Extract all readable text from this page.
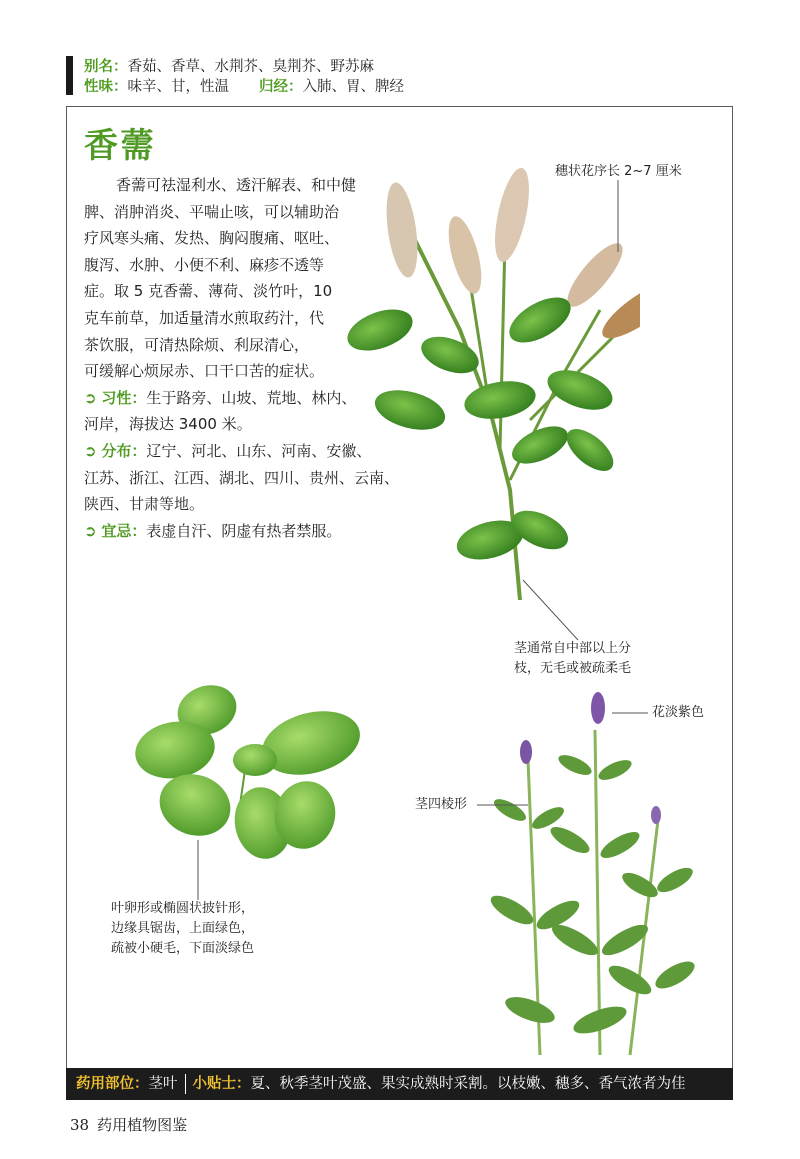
别名：香茹、香草、水荆芥、臭荆芥、野苏麻
性味：味辛、甘，性温 归经：入肺、胃、脾经
香薷

香薷可祛湿利水、透汗解表、和中健

脾、消肿消炎、平喘止咳，可以辅助治

疗风寒头痛、发热、胸闷腹痛、呕吐、

腹泻、水肿、小便不利、麻疹不透等

症。取 5 克香薷、薄荷、淡竹叶，10

克车前草，加适量清水煎取药汁，代

茶饮服，可清热除烦、利尿清心，

可缓解心烦尿赤、口干口苦的症状。

➲ 习性：生于路旁、山坡、荒地、林内、

河岸，海拔达 3400 米。

➲ 分布：辽宁、河北、山东、河南、安徽、

江苏、浙江、江西、湖北、四川、贵州、云南、

陕西、甘肃等地。

➲ 宜忌：表虚自汗、阴虚有热者禁服。

穗状花序长 2~7 厘米
茎通常自中部以上分
枝，无毛或被疏柔毛
花淡紫色
茎四棱形
叶卵形或椭圆状披针形，
边缘具锯齿，上面绿色，
疏被小硬毛，下面淡绿色
药用部位：茎叶 小贴士：夏、秋季茎叶茂盛、果实成熟时采割。以枝嫩、穗多、香气浓者为佳
38 药用植物图鉴
